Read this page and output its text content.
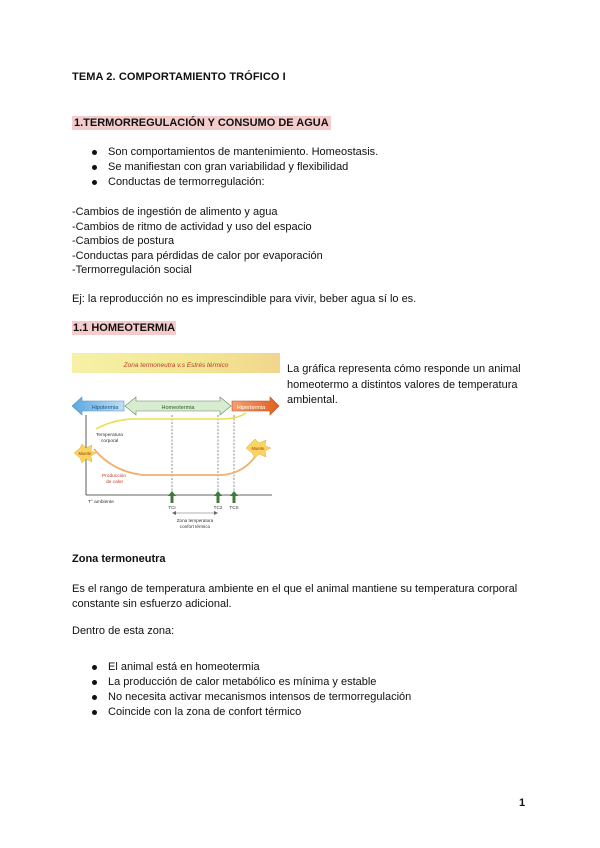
TEMA 2. COMPORTAMIENTO TRÓFICO I
1.TERMORREGULACIÓN Y CONSUMO DE AGUA
Son comportamientos de mantenimiento. Homeostasis.
Se manifiestan con gran variabilidad y flexibilidad
Conductas de termorregulación:
-Cambios de ingestión de alimento y agua
-Cambios de ritmo de actividad y uso del espacio
-Cambios de postura
-Conductas para pérdidas de calor por evaporación
-Termorregulación social
Ej: la reproducción no es imprescindible para vivir, beber agua sí lo es.
1.1 HOMEOTERMIA
Zona termoneutra v.s Estrés térmico
Hipotermia	Homeotermia	Hipertermia
Temperatura
corporal
Producción
de calor
Muerte
Muerte
TCI	TC2 TCS
T° ambiente
Zona temperatura
confort térmico
La gráfica representa cómo responde un animal homeotermo a distintos valores de temperatura ambiental.
Zona termoneutra
Es el rango de temperatura ambiente en el que el animal mantiene su temperatura corporal constante sin esfuerzo adicional.
Dentro de esta zona:
El animal está en homeotermia
La producción de calor metabólico es mínima y estable
No necesita activar mecanismos intensos de termorregulación
Coincide con la zona de confort térmico
1
